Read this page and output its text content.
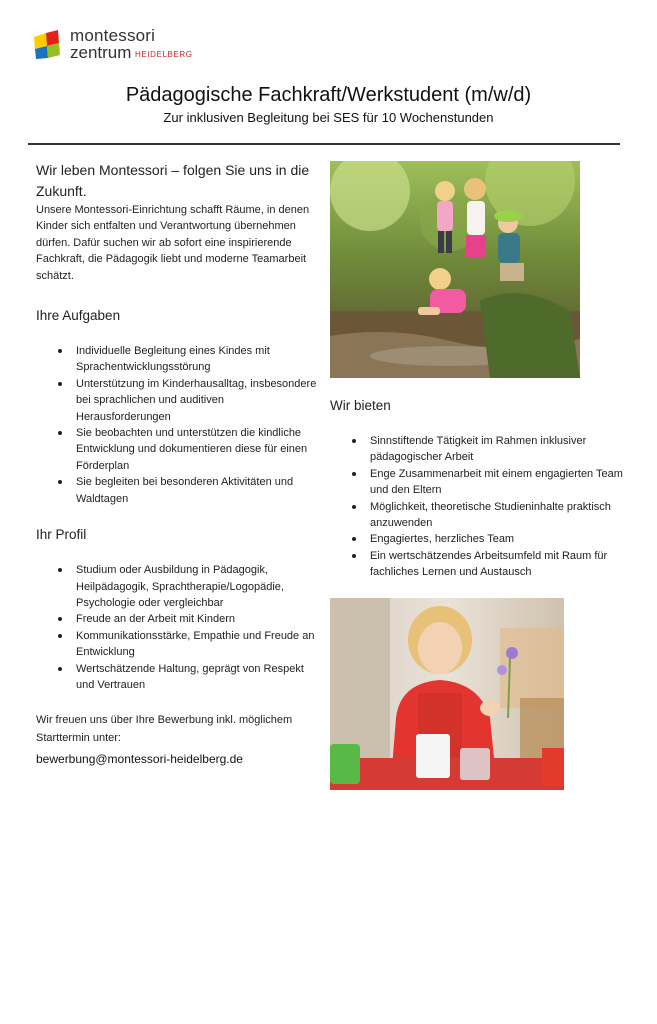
montessori
zentrum HEIDELBERG
Pädagogische Fachkraft/Werkstudent (m/w/d)
Zur inklusiven Begleitung bei SES für 10 Wochenstunden
Wir leben Montessori – folgen Sie uns in die Zukunft.
Unsere Montessori-Einrichtung schafft Räume, in denen Kinder sich entfalten und Verantwortung übernehmen dürfen. Dafür suchen wir ab sofort eine inspirierende Fachkraft, die Pädagogik liebt und moderne Teamarbeit schätzt.
Ihre Aufgaben
Individuelle Begleitung eines Kindes mit Sprachentwicklungsstörung
Unterstützung im Kinderhausalltag, insbesondere bei sprachlichen und auditiven Herausforderungen
Sie beobachten und unterstützen die kindliche Entwicklung und dokumentieren diese für einen Förderplan
Sie begleiten bei besonderen Aktivitäten und Waldtagen
Ihr Profil
Studium oder Ausbildung in Pädagogik, Heilpädagogik, Sprachtherapie/Logopädie, Psychologie oder vergleichbar
Freude an der Arbeit mit Kindern
Kommunikationsstärke, Empathie und Freude an Entwicklung
Wertschätzende Haltung, geprägt von Respekt und Vertrauen
Wir freuen uns über Ihre Bewerbung inkl. möglichem Starttermin unter:
bewerbung@montessori-heidelberg.de
Wir bieten
Sinnstiftende Tätigkeit im Rahmen inklusiver pädagogischer Arbeit
Enge Zusammenarbeit mit einem engagierten Team und den Eltern
Möglichkeit, theoretische Studieninhalte praktisch anzuwenden
Engagiertes, herzliches Team
Ein wertschätzendes Arbeitsumfeld mit Raum für fachliches Lernen und Austausch
